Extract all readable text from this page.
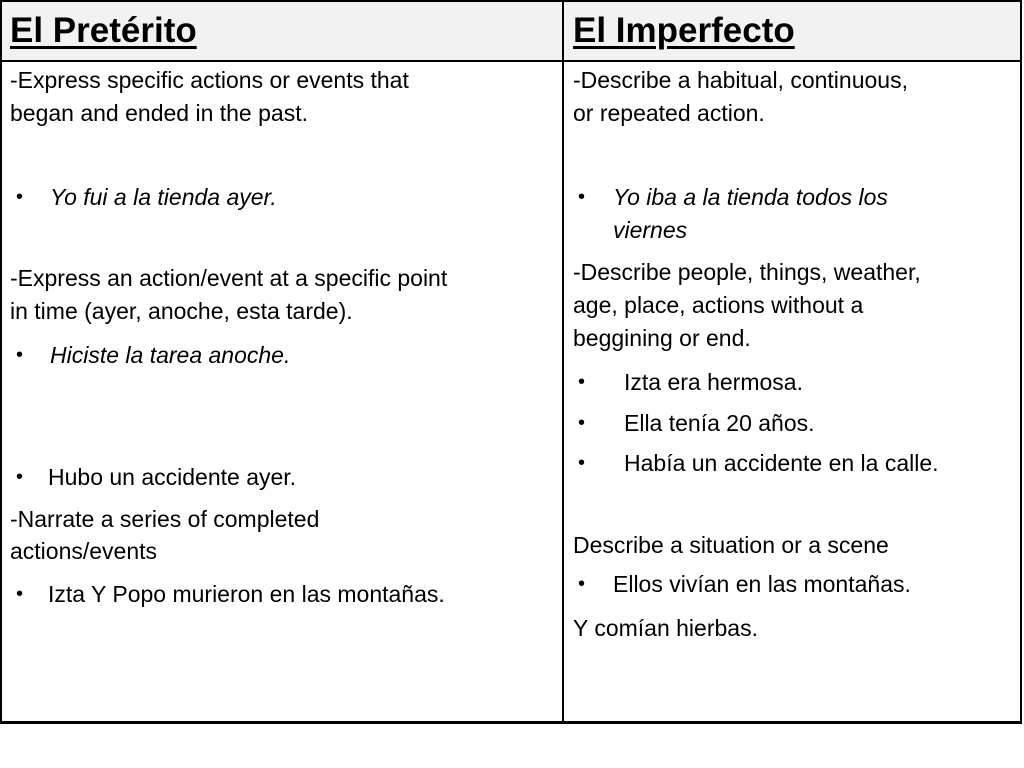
El Pretérito	El Imperfecto

-Express specific actions or events that

began and ended in the past.

• Yo fui a la tienda ayer.

-Express an action/event at a specific point

in time (ayer, anoche, esta tarde).

• Hiciste la tarea anoche.

• Hubo un accidente ayer.

-Narrate a series of completed

actions/events

• Izta Y Popo murieron en las montañas.

-Describe a habitual, continuous,

or repeated action.

• Yo iba a la tienda todos los

viernes

-Describe people, things, weather,

age, place, actions without a

beggining or end.

• Izta era hermosa.

• Ella tenía 20 años.

• Había un accidente en la calle.

Describe a situation or a scene

• Ellos vivían en las montañas.

Y comían hierbas.
